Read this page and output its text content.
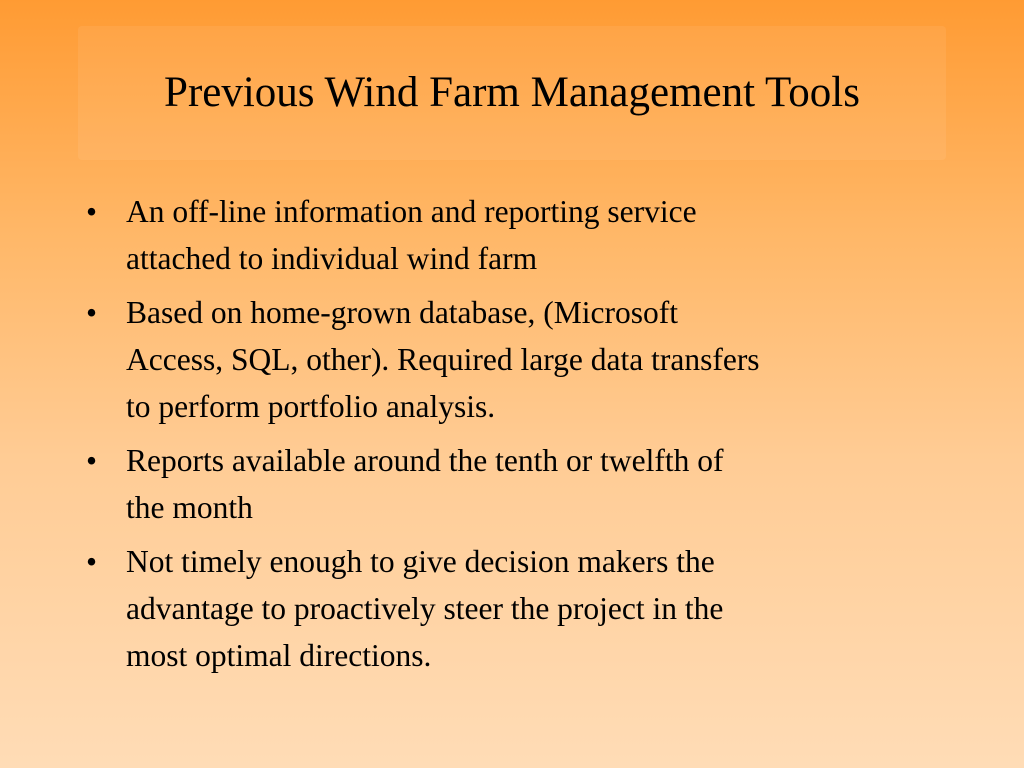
Previous Wind Farm Management Tools
• An off-line information and reporting service
attached to individual wind farm
• Based on home-grown database, (Microsoft
Access, SQL, other). Required large data transfers
to perform portfolio analysis.
• Reports available around the tenth or twelfth of
the month
• Not timely enough to give decision makers the
advantage to proactively steer the project in the
most optimal directions.
